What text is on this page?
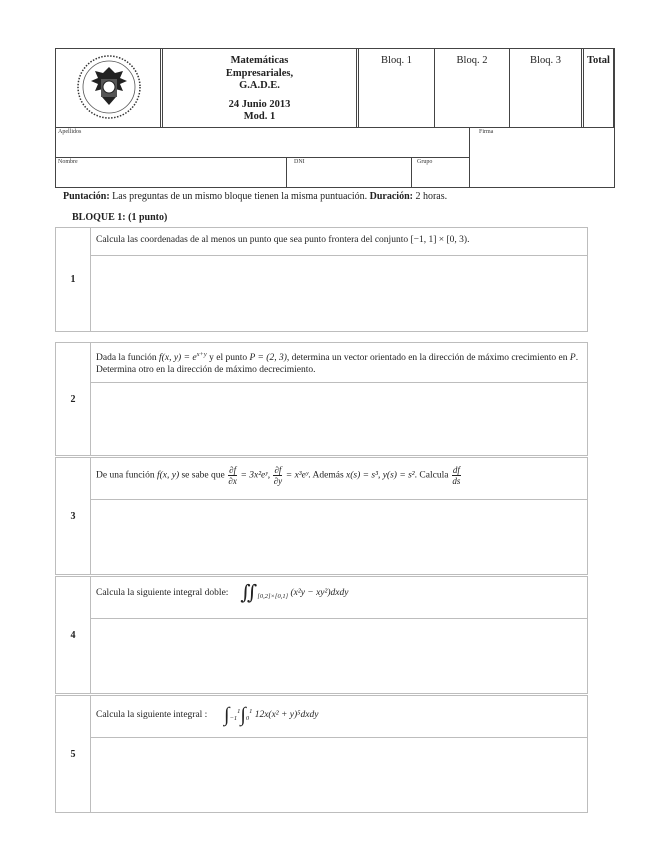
Matemáticas
Empresariales,
G.A.D.E.
24 Junio 2013
Mod. 1
Bloq. 1	Bloq. 2	Bloq. 3	Total
Apellidos	Firma
Nombre	DNI	Grupo
Puntación: Las preguntas de un mismo bloque tienen la misma puntuación. Duración: 2 horas.
BLOQUE 1: (1 punto)
1
Calcula las coordenadas de al menos un punto que sea punto frontera del conjunto [−1, 1] × [0, 3).
2
Dada la función f(x, $y) = e^{x+y}$ y el punto P = (2, 3), determina un vector orientado en la dirección de máximo crecimiento en P. Determina otro en la dirección de máximo decrecimiento.
3
De una función f(x, y) se sabe que $\frac{\partial f}{\partial x}$ = 3x²eʸ, $\frac{\partial f}{\partial y}$ = x³eʸ. Además x(s) = s³, y(s) = s². Calcula $\frac{df}{ds}$
4
Calcula la siguiente integral doble: $∬_{[0,2]\times[0,1]}$ (x²y − xy²)dxdy
5
Calcula la siguiente integral : $\int_{-1}^1\int_0^1$ 12x(x² + y)⁵dxdy
